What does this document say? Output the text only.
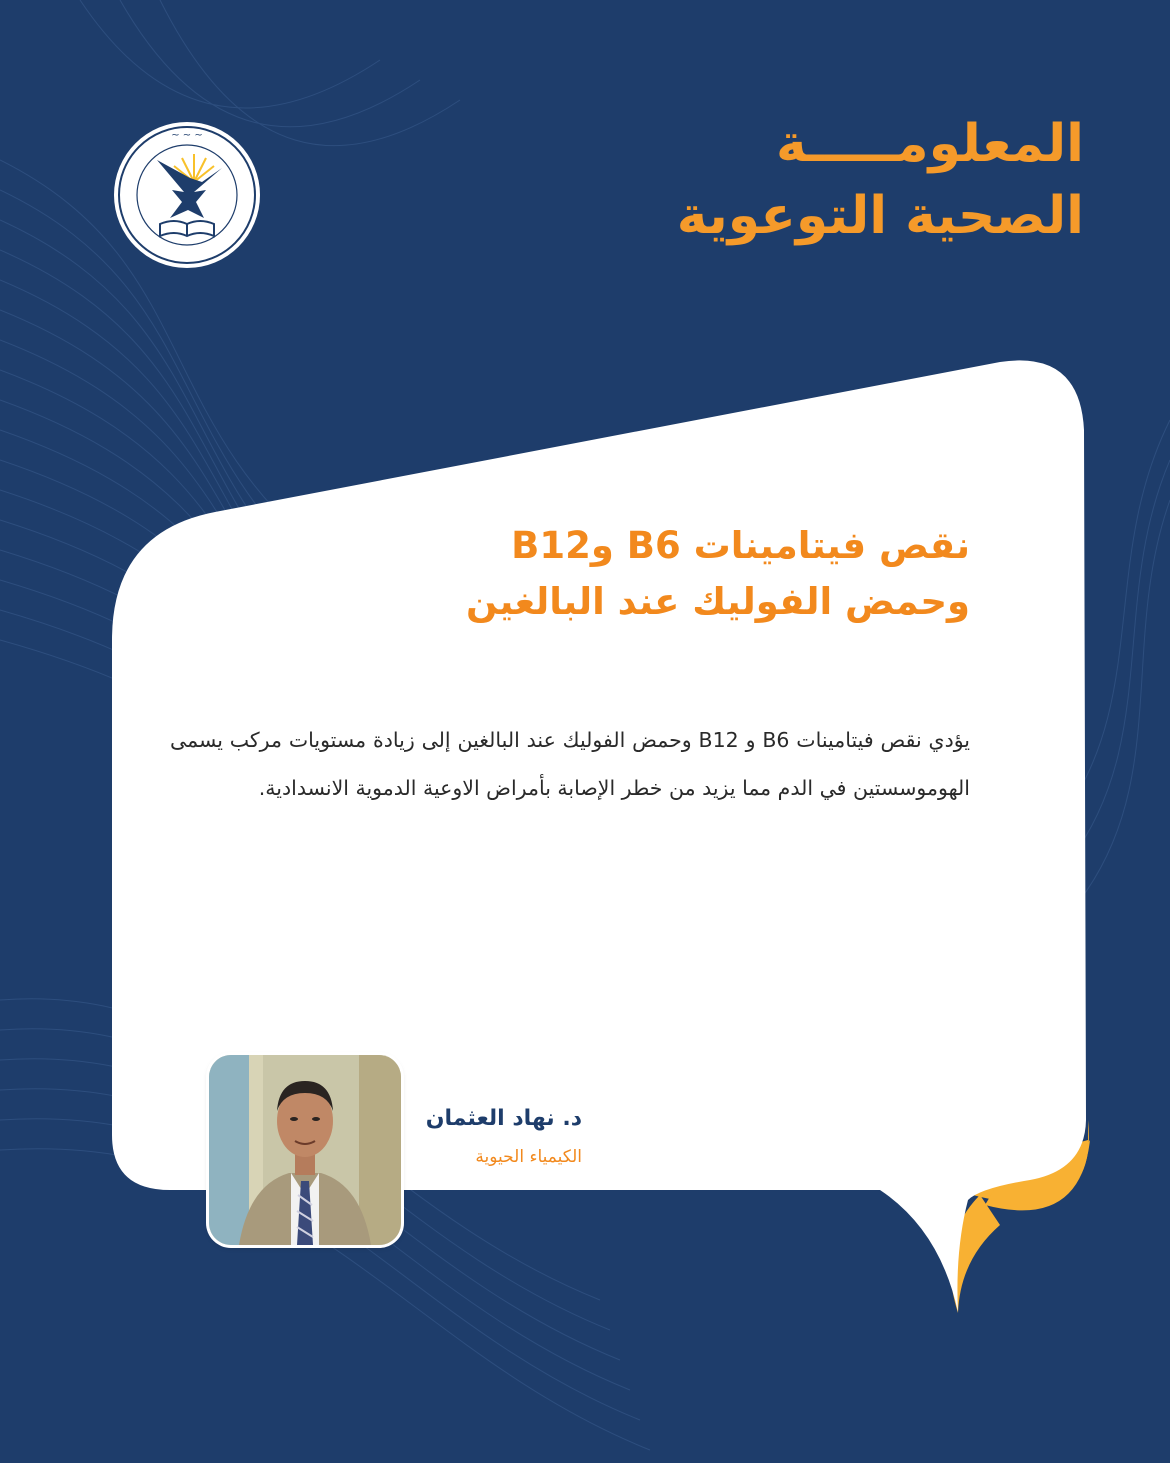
~ ~ ~	المعلومـــــة
الصحية التوعوية
نقص فيتامينات B6 وB12
وحمض الفوليك عند البالغين
يؤدي نقص فيتامينات B6 و B12 وحمض الفوليك عند البالغين إلى زيادة مستويات مركب يسمى الهوموسستين في الدم مما يزيد من خطر الإصابة بأمراض الاوعية الدموية الانسدادية.
د. نهاد العثمان
الكيمياء الحيوية
